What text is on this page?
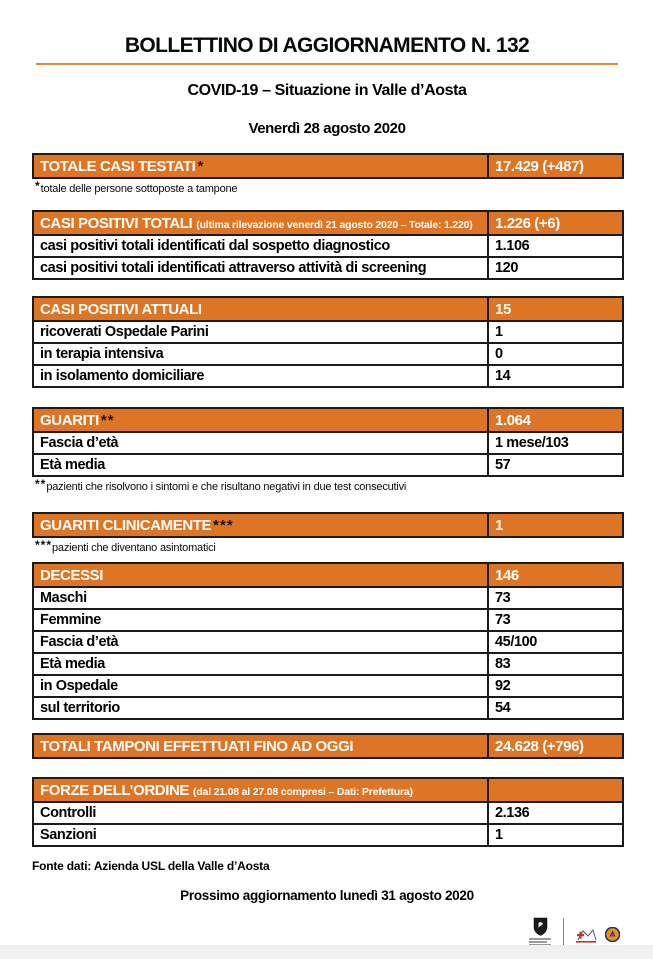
BOLLETTINO DI AGGIORNAMENTO N. 132
COVID-19 – Situazione in Valle d’Aosta
Venerdì 28 agosto 2020
TOTALE CASI TESTATI *	17.429 (+487)
*totale delle persone sottoposte a tampone
CASI POSITIVI TOTALI (ultima rilevazione venerdì 21 agosto 2020 – Totale: 1.220)	1.226 (+6)
casi positivi totali identificati dal sospetto diagnostico	1.106
casi positivi totali identificati attraverso attività di screening	120
CASI POSITIVI ATTUALI	15
ricoverati Ospedale Parini	1
in terapia intensiva	0
in isolamento domiciliare	14
GUARITI **	1.064
Fascia d’età	1 mese/103
Età media	57
**pazienti che risolvono i sintomi e che risultano negativi in due test consecutivi
GUARITI CLINICAMENTE ***	1
***pazienti che diventano asintomatici
DECESSI	146
Maschi	73
Femmine	73
Fascia d’età	45/100
Età media	83
in Ospedale	92
sul territorio	54
TOTALI TAMPONI EFFETTUATI FINO AD OGGI	24.628 (+796)
FORZE DELL’ORDINE (dal 21.08 al 27.08 compresi – Dati: Prefettura)	
Controlli	2.136
Sanzioni	1
Fonte dati: Azienda USL della Valle d’Aosta
Prossimo aggiornamento lunedì 31 agosto 2020
